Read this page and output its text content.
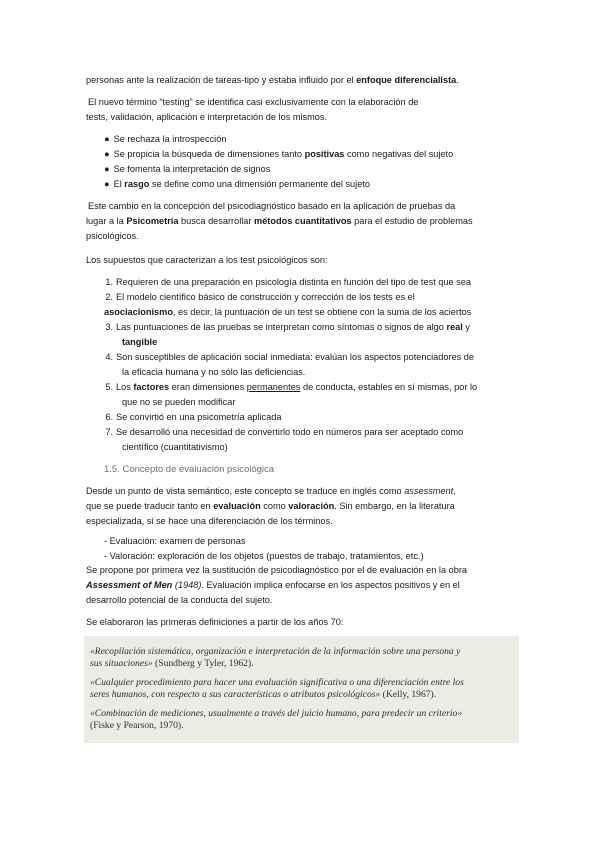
personas ante la realización de tareas-tipo y estaba influido por el enfoque diferencialista.
El nuevo término “testing” se identifica casi exclusivamente con la elaboración de
tests, validación, aplicación e interpretación de los mismos.
● Se rechaza la introspección
● Se propicia la búsqueda de dimensiones tanto positivas como negativas del sujeto
● Se fomenta la interpretación de signos
● El rasgo se define como una dimensión permanente del sujeto
Este cambio en la concepción del psicodiagnóstico basado en la aplicación de pruebas da
lugar a la Psicometría busca desarrollar métodos cuantitativos para el estudio de problemas
psicológicos.
Los supuestos que caracterizan a los test psicológicos son:
1. Requieren de una preparación en psicología distinta en función del tipo de test que sea
2. El modelo científico básico de construcción y corrección de los tests es el
asociacionismo, es decir, la puntuación de un test se obtiene con la suma de los aciertos
3. Las puntuaciones de las pruebas se interpretan como síntomas o signos de algo real y
tangible
4. Son susceptibles de aplicación social inmediata: evalúan los aspectos potenciadores de
la eficacia humana y no sólo las deficiencias.
5. Los factores eran dimensiones permanentes de conducta, estables en sí mismas, por lo
que no se pueden modificar
6. Se convirtió en una psicometría aplicada
7. Se desarrolló una necesidad de convertirlo todo en números para ser aceptado como
científico (cuantitativismo)
1.5. Concepto de evaluación psicológica
Desde un punto de vista semántico, este concepto se traduce en inglés como assessment,
que se puede traducir tanto en evaluación como valoración. Sin embargo, en la literatura
especializada, si se hace una diferenciación de los términos.
- Evaluación: examen de personas
- Valoración: exploración de los objetos (puestos de trabajo, tratamientos, etc.)
Se propone por primera vez la sustitución de psicodiagnóstico por el de evaluación en la obra
Assessment of Men (1948). Evaluación implica enfocarse en los aspectos positivos y en el
desarrollo potencial de la conducta del sujeto.
Se elaboraron las primeras definiciones a partir de los años 70:
«Recopilación sistemática, organización e interpretación de la información sobre una persona y
sus situaciones» (Sundberg y Tyler, 1962).
«Cualquier procedimiento para hacer una evaluación significativa o una diferenciación entre los
seres humanos, con respecto a sus características o atributos psicológicos» (Kelly, 1967).
«Combinación de mediciones, usualmente a través del juicio humano, para predecir un criterio»
(Fiske y Pearson, 1970).
